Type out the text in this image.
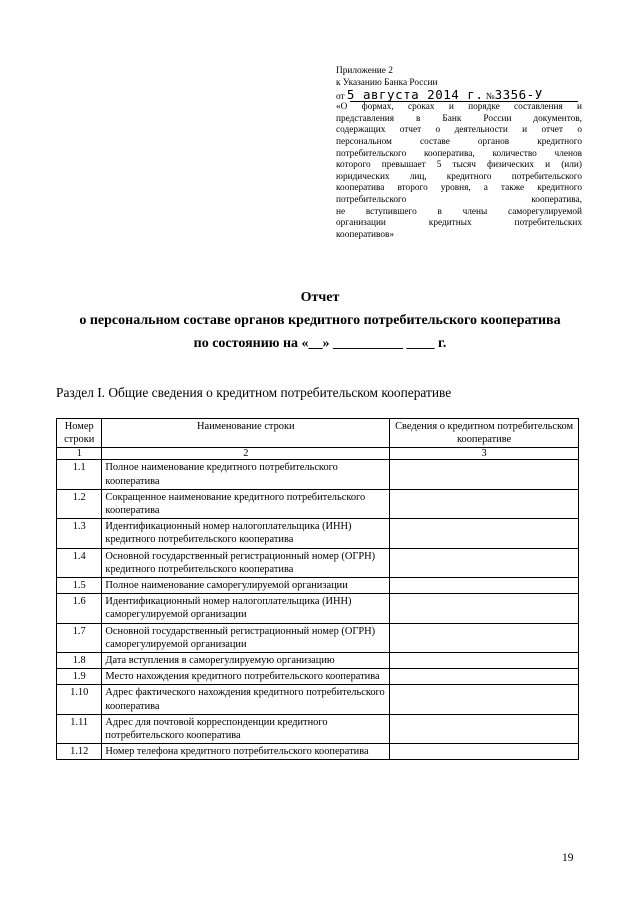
Приложение 2
к Указанию Банка России
от 5 августа 2014 г. №3356-У
«О формах, сроках и порядке составления и
представления в Банк России документов,
содержащих отчет о деятельности и отчет о
персональном составе органов кредитного
потребительского кооператива, количество членов
которого превышает 5 тысяч физических и (или)
юридических лиц, кредитного потребительского
кооператива второго уровня, а также кредитного
потребительского кооператива,
не вступившего в члены саморегулируемой
организации кредитных потребительских
кооперативов»
Отчет
о персональном составе органов кредитного потребительского кооператива
по состоянию на «__» __________ ____ г.
Раздел I. Общие сведения о кредитном потребительском кооперативе
Номер строки	Наименование строки	Сведения о кредитном потребительском кооперативе
1	2	3
1.1	Полное наименование кредитного потребительского кооператива	
1.2	Сокращенное наименование кредитного потребительского кооператива	
1.3	Идентификационный номер налогоплательщика (ИНН) кредитного потребительского кооператива	
1.4	Основной государственный регистрационный номер (ОГРН) кредитного потребительского кооператива	
1.5	Полное наименование саморегулируемой организации	
1.6	Идентификационный номер налогоплательщика (ИНН) саморегулируемой организации	
1.7	Основной государственный регистрационный номер (ОГРН) саморегулируемой организации	
1.8	Дата вступления в саморегулируемую организацию	
1.9	Место нахождения кредитного потребительского кооператива	
1.10	Адрес фактического нахождения кредитного потребительского кооператива	
1.11	Адрес для почтовой корреспонденции кредитного потребительского кооператива	
1.12	Номер телефона кредитного потребительского кооператива	
19
